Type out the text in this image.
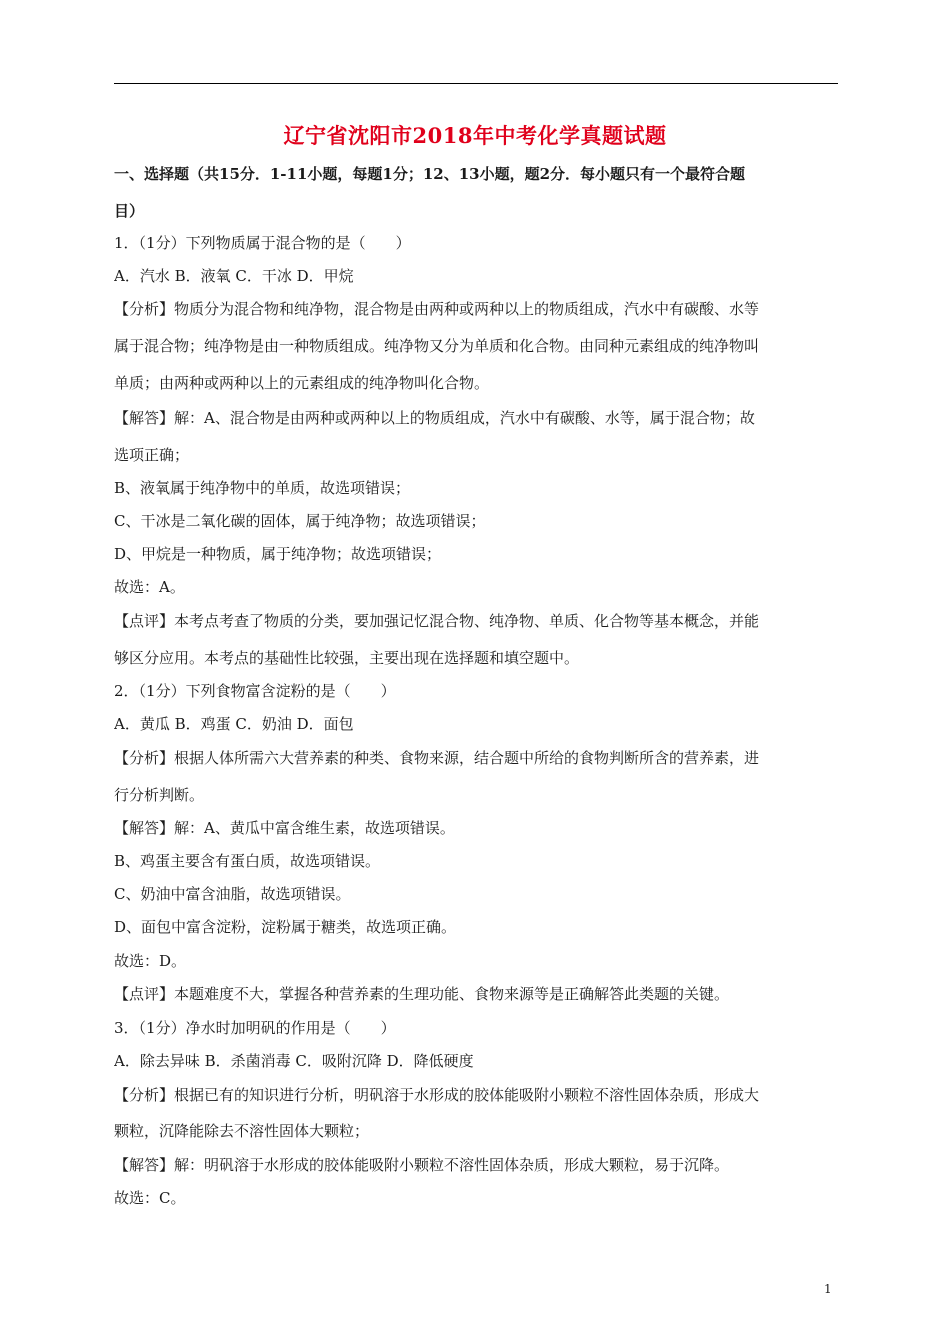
辽宁省沈阳市2018年中考化学真题试题
一、选择题（共15分．1-11小题，每题1分；12、13小题，题2分．每小题只有一个最符合题
目）
1．（1分）下列物质属于混合物的是（　　）
A．汽水 B．液氧 C．干冰 D．甲烷
【分析】物质分为混合物和纯净物，混合物是由两种或两种以上的物质组成，汽水中有碳酸、水等
属于混合物；纯净物是由一种物质组成。纯净物又分为单质和化合物。由同种元素组成的纯净物叫
单质；由两种或两种以上的元素组成的纯净物叫化合物。
【解答】解：A、混合物是由两种或两种以上的物质组成，汽水中有碳酸、水等，属于混合物；故
选项正确；
B、液氧属于纯净物中的单质，故选项错误；
C、干冰是二氧化碳的固体，属于纯净物；故选项错误；
D、甲烷是一种物质，属于纯净物；故选项错误；
故选：A。
【点评】本考点考查了物质的分类，要加强记忆混合物、纯净物、单质、化合物等基本概念，并能
够区分应用。本考点的基础性比较强，主要出现在选择题和填空题中。
2．（1分）下列食物富含淀粉的是（　　）
A．黄瓜 B．鸡蛋 C．奶油 D．面包
【分析】根据人体所需六大营养素的种类、食物来源，结合题中所给的食物判断所含的营养素，进
行分析判断。
【解答】解：A、黄瓜中富含维生素，故选项错误。
B、鸡蛋主要含有蛋白质，故选项错误。
C、奶油中富含油脂，故选项错误。
D、面包中富含淀粉，淀粉属于糖类，故选项正确。
故选：D。
【点评】本题难度不大，掌握各种营养素的生理功能、食物来源等是正确解答此类题的关键。
3．（1分）净水时加明矾的作用是（　　）
A．除去异味 B．杀菌消毒 C．吸附沉降 D．降低硬度
【分析】根据已有的知识进行分析，明矾溶于水形成的胶体能吸附小颗粒不溶性固体杂质，形成大
颗粒，沉降能除去不溶性固体大颗粒；
【解答】解：明矾溶于水形成的胶体能吸附小颗粒不溶性固体杂质，形成大颗粒，易于沉降。
故选：C。
1
